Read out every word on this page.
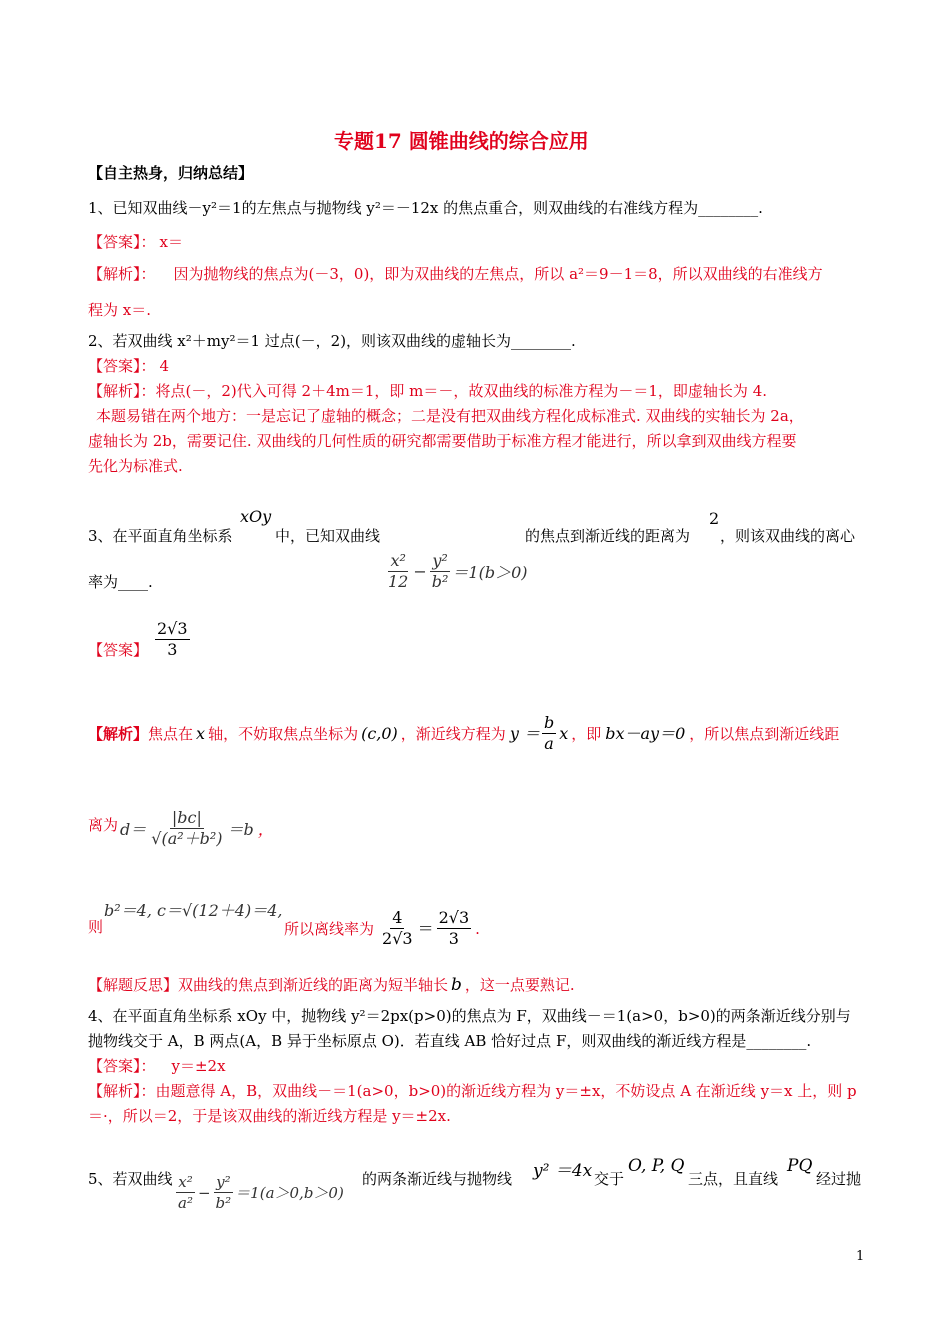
专题17 圆锥曲线的综合应用
【自主热身，归纳总结】
1、已知双曲线－y²＝1的左焦点与抛物线 y²＝－12x 的焦点重合，则双曲线的右准线方程为________.
【答案】： x＝
【解析】： 因为抛物线的焦点为(－3，0)，即为双曲线的左焦点，所以 a²＝9－1＝8，所以双曲线的右准线方
程为 x＝.
2、若双曲线 x²＋my²＝1 过点(－，2)，则该双曲线的虚轴长为________.
【答案】： 4
【解析】：将点(－，2)代入可得 2＋4m＝1，即 m＝－，故双曲线的标准方程为－＝1，即虚轴长为 4.
本题易错在两个地方：一是忘记了虚轴的概念；二是没有把双曲线方程化成标准式. 双曲线的实轴长为 2a，
虚轴长为 2b，需要记住. 双曲线的几何性质的研究都需要借助于标准方程才能进行，所以拿到双曲线方程要
先化为标准式.
3、在平面直角坐标系
xOy
中，已知双曲线	的焦点到渐近线的距离为
2
，则该双曲线的离心
率为____.	$\frac{\text{x²}}{12} - \frac{\text{y²}}{\text{b²}} =1(b>0)$
【答案】 $\frac{2√3}{3}$
【解析】 焦点在 x 轴，不妨取焦点坐标为 (c,0) ，渐近线方程为 $y = \frac{b}{a}$ x ，即 bx－ay＝0 ，所以焦点到渐近线距
离为 $d= \frac{|bc|}{\text{√(a²＋b²)}} =b$ ，
则
b²＝4, c＝√(12＋4)＝4,
所以离线率为 $\frac{4}{2√3} = \frac{2√3}{3}$ .
【解题反思】 双曲线的焦点到渐近线的距离为短半轴长 b ，这一点要熟记.
4、在平面直角坐标系 xOy 中，抛物线 y²＝2px(p>0)的焦点为 F，双曲线－＝1(a>0，b>0)的两条渐近线分别与
抛物线交于 A，B 两点(A，B 异于坐标原点 O)．若直线 AB 恰好过点 F，则双曲线的渐近线方程是________.
【答案】： y＝±2x
【解析】：由题意得 A，B，双曲线－＝1(a>0，b>0)的渐近线方程为 y＝±x，不妨设点 A 在渐近线 y＝x 上，则 p
＝·，所以＝2，于是该双曲线的渐近线方程是 y＝±2x.
5、若双曲线 $\frac{\text{x²}}{\text{a²}} - \frac{\text{y²}}{\text{b²}} =1(a>0,b>0)$
的两条渐近线与抛物线 y² ＝4x 交于
O, P, Q
三点，且直线
PQ
经过抛
1
